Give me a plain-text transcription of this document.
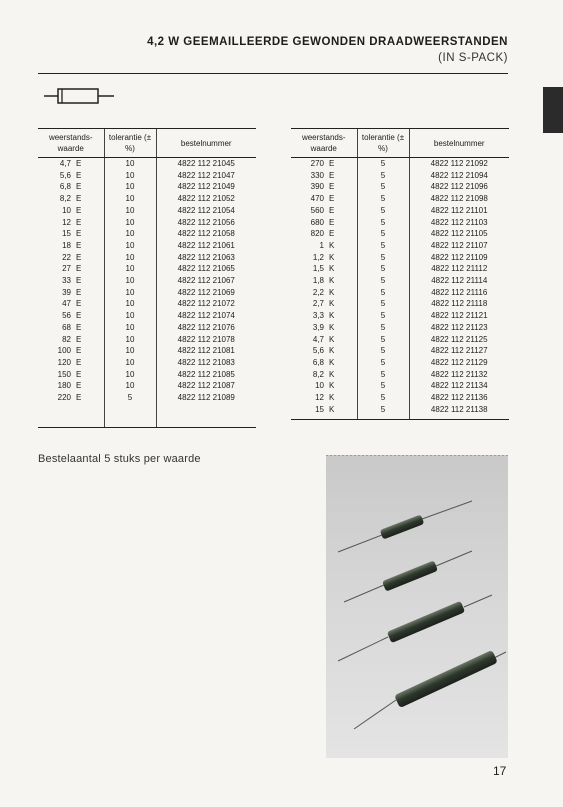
4,2 W GEEMAILLEERDE GEWONDEN DRAADWEERSTANDEN
(IN S-PACK)
weerstands- waarde	tolerantie (± %)	bestelnummer
4,7 E	10	4822 112 21045
5,6 E	10	4822 112 21047
6,8 E	10	4822 112 21049
8,2 E	10	4822 112 21052
10 E	10	4822 112 21054
12 E	10	4822 112 21056
15 E	10	4822 112 21058
18 E	10	4822 112 21061
22 E	10	4822 112 21063
27 E	10	4822 112 21065
33 E	10	4822 112 21067
39 E	10	4822 112 21069
47 E	10	4822 112 21072
56 E	10	4822 112 21074
68 E	10	4822 112 21076
82 E	10	4822 112 21078
100 E	10	4822 112 21081
120 E	10	4822 112 21083
150 E	10	4822 112 21085
180 E	10	4822 112 21087
220 E	5	4822 112 21089

weerstands- waarde	tolerantie (± %)	bestelnummer
270 E	5	4822 112 21092
330 E	5	4822 112 21094
390 E	5	4822 112 21096
470 E	5	4822 112 21098
560 E	5	4822 112 21101
680 E	5	4822 112 21103
820 E	5	4822 112 21105
1 K	5	4822 112 21107
1,2 K	5	4822 112 21109
1,5 K	5	4822 112 21112
1,8 K	5	4822 112 21114
2,2 K	5	4822 112 21116
2,7 K	5	4822 112 21118
3,3 K	5	4822 112 21121
3,9 K	5	4822 112 21123
4,7 K	5	4822 112 21125
5,6 K	5	4822 112 21127
6,8 K	5	4822 112 21129
8,2 K	5	4822 112 21132
10 K	5	4822 112 21134
12 K	5	4822 112 21136
15 K	5	4822 112 21138

Bestelaantal 5 stuks per waarde
17
